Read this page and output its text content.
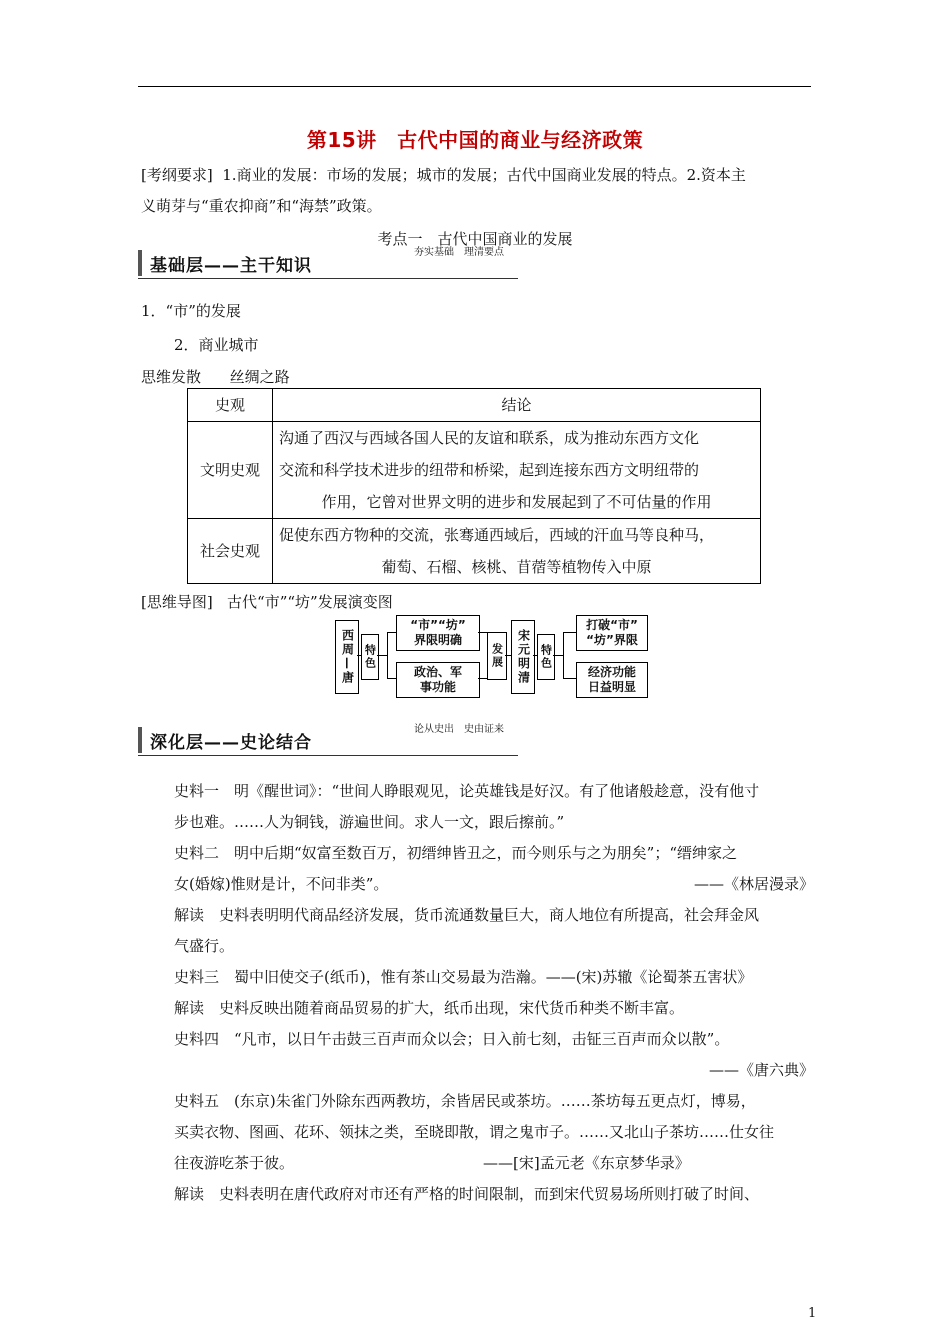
第15讲　古代中国的商业与经济政策
[考纲要求] 1.商业的发展：市场的发展；城市的发展；古代中国商业发展的特点。2.资本主
义萌芽与“重农抑商”和“海禁”政策。
考点一　古代中国商业的发展
基础层——主干知识
夯实基础　理清要点
1．“市”的发展
2．商业城市
思维发散 丝绸之路
史观	结论
文明史观	沟通了西汉与西域各国人民的友谊和联系，成为推动东西方文化
交流和科学技术进步的纽带和桥梁，起到连接东西方文明纽带的
作用，它曾对世界文明的进步和发展起到了不可估量的作用

社会史观	促使东西方物种的交流，张骞通西域后，西域的汗血马等良种马，
葡萄、石榴、核桃、苜蓿等植物传入中原
[思维导图] 古代“市”“坊”发展演变图
西周—唐 特色
“市”“坊”
界限明确
政治、军
事功能
发展	宋元明清 特色
打破“市”
“坊”界限
经济功能
日益明显
深化层——史论结合
论从史出　史由证来
史料一　明《醒世词》：“世间人睁眼观见，论英雄钱是好汉。有了他诸般趁意，没有他寸
步也难。……人为铜钱，游遍世间。求人一文，跟后擦前。”
史料二　明中后期“奴富至数百万，初缙绅皆丑之，而今则乐与之为朋矣”；“缙绅家之
女(婚嫁)惟财是计，不问非类”。	——《林居漫录》
解读　史料表明明代商品经济发展，货币流通数量巨大，商人地位有所提高，社会拜金风
气盛行。
史料三　蜀中旧使交子(纸币)，惟有茶山交易最为浩瀚。——(宋)苏辙《论蜀茶五害状》
解读　史料反映出随着商品贸易的扩大，纸币出现，宋代货币种类不断丰富。
史料四　“凡市，以日午击鼓三百声而众以会；日入前七刻，击钲三百声而众以散”。
——《唐六典》
史料五　(东京)朱雀门外除东西两教坊，余皆居民或茶坊。……茶坊每五更点灯，博易，
买卖衣物、图画、花环、领抹之类，至晓即散，谓之鬼市子。……又北山子茶坊……仕女往
往夜游吃茶于彼。	——[宋]孟元老《东京梦华录》
解读　史料表明在唐代政府对市还有严格的时间限制，而到宋代贸易场所则打破了时间、
1
